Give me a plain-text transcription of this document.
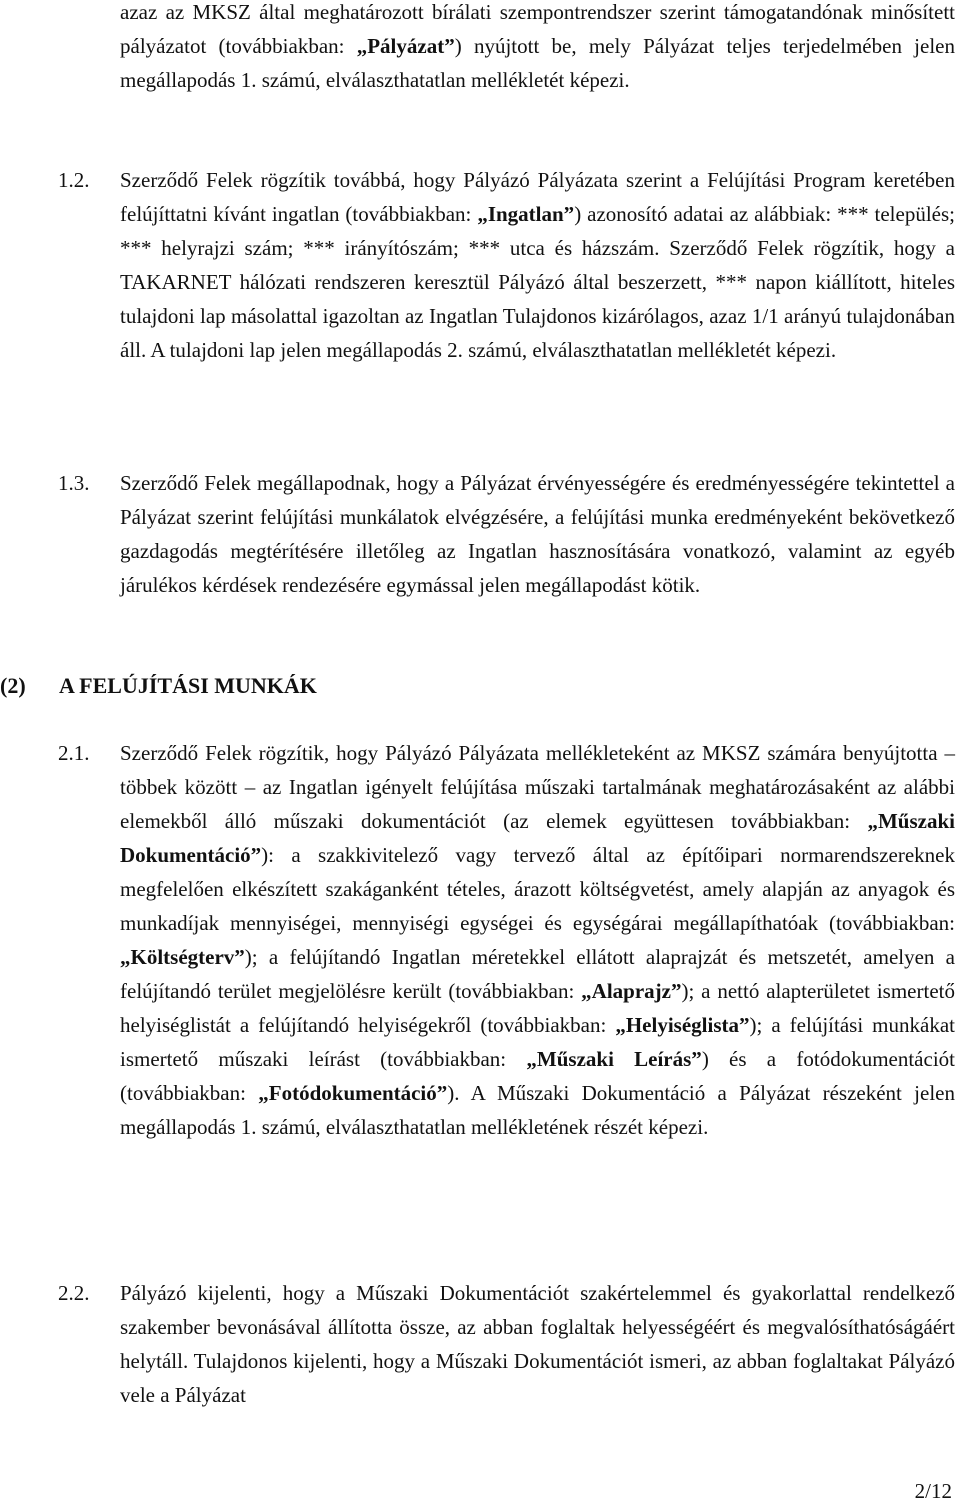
azaz az MKSZ által meghatározott bírálati szempontrendszer szerint támogatandónak minősített pályázatot (továbbiakban: „Pályázat”) nyújtott be, mely Pályázat teljes terjedelmében jelen megállapodás 1. számú, elválaszthatatlan mellékletét képezi.
1.2. Szerződő Felek rögzítik továbbá, hogy Pályázó Pályázata szerint a Felújítási Program keretében felújíttatni kívánt ingatlan (továbbiakban: „Ingatlan”) azonosító adatai az alábbiak: *** település; *** helyrajzi szám; *** irányítószám; *** utca és házszám. Szerződő Felek rögzítik, hogy a TAKARNET hálózati rendszeren keresztül Pályázó által beszerzett, *** napon kiállított, hiteles tulajdoni lap másolattal igazoltan az Ingatlan Tulajdonos kizárólagos, azaz 1/1 arányú tulajdonában áll. A tulajdoni lap jelen megállapodás 2. számú, elválaszthatatlan mellékletét képezi.
1.3. Szerződő Felek megállapodnak, hogy a Pályázat érvényességére és eredményességére tekintettel a Pályázat szerint felújítási munkálatok elvégzésére, a felújítási munka eredményeként bekövetkező gazdagodás megtérítésére illetőleg az Ingatlan hasznosítására vonatkozó, valamint az egyéb járulékos kérdések rendezésére egymással jelen megállapodást kötik.
(2) A FELÚJÍTÁSI MUNKÁK
2.1. Szerződő Felek rögzítik, hogy Pályázó Pályázata mellékleteként az MKSZ számára benyújtotta – többek között – az Ingatlan igényelt felújítása műszaki tartalmának meghatározásaként az alábbi elemekből álló műszaki dokumentációt (az elemek együttesen továbbiakban: „Műszaki Dokumentáció”): a szakkivitelező vagy tervező által az építőipari normarendszereknek megfelelően elkészített szakáganként tételes, árazott költségvetést, amely alapján az anyagok és munkadíjak mennyiségei, mennyiségi egységei és egységárai megállapíthatóak (továbbiakban: „Költségterv”); a felújítandó Ingatlan méretekkel ellátott alaprajzát és metszetét, amelyen a felújítandó terület megjelölésre került (továbbiakban: „Alaprajz”); a nettó alapterületet ismertető helyiséglistát a felújítandó helyiségekről (továbbiakban: „Helyiséglista”); a felújítási munkákat ismertető műszaki leírást (továbbiakban: „Műszaki Leírás”) és a fotódokumentációt (továbbiakban: „Fotódokumentáció”). A Műszaki Dokumentáció a Pályázat részeként jelen megállapodás 1. számú, elválaszthatatlan mellékletének részét képezi.
2.2. Pályázó kijelenti, hogy a Műszaki Dokumentációt szakértelemmel és gyakorlattal rendelkező szakember bevonásával állította össze, az abban foglaltak helyességéért és megvalósíthatóságáért helytáll. Tulajdonos kijelenti, hogy a Műszaki Dokumentációt ismeri, az abban foglaltakat Pályázó vele a Pályázat
2/12
